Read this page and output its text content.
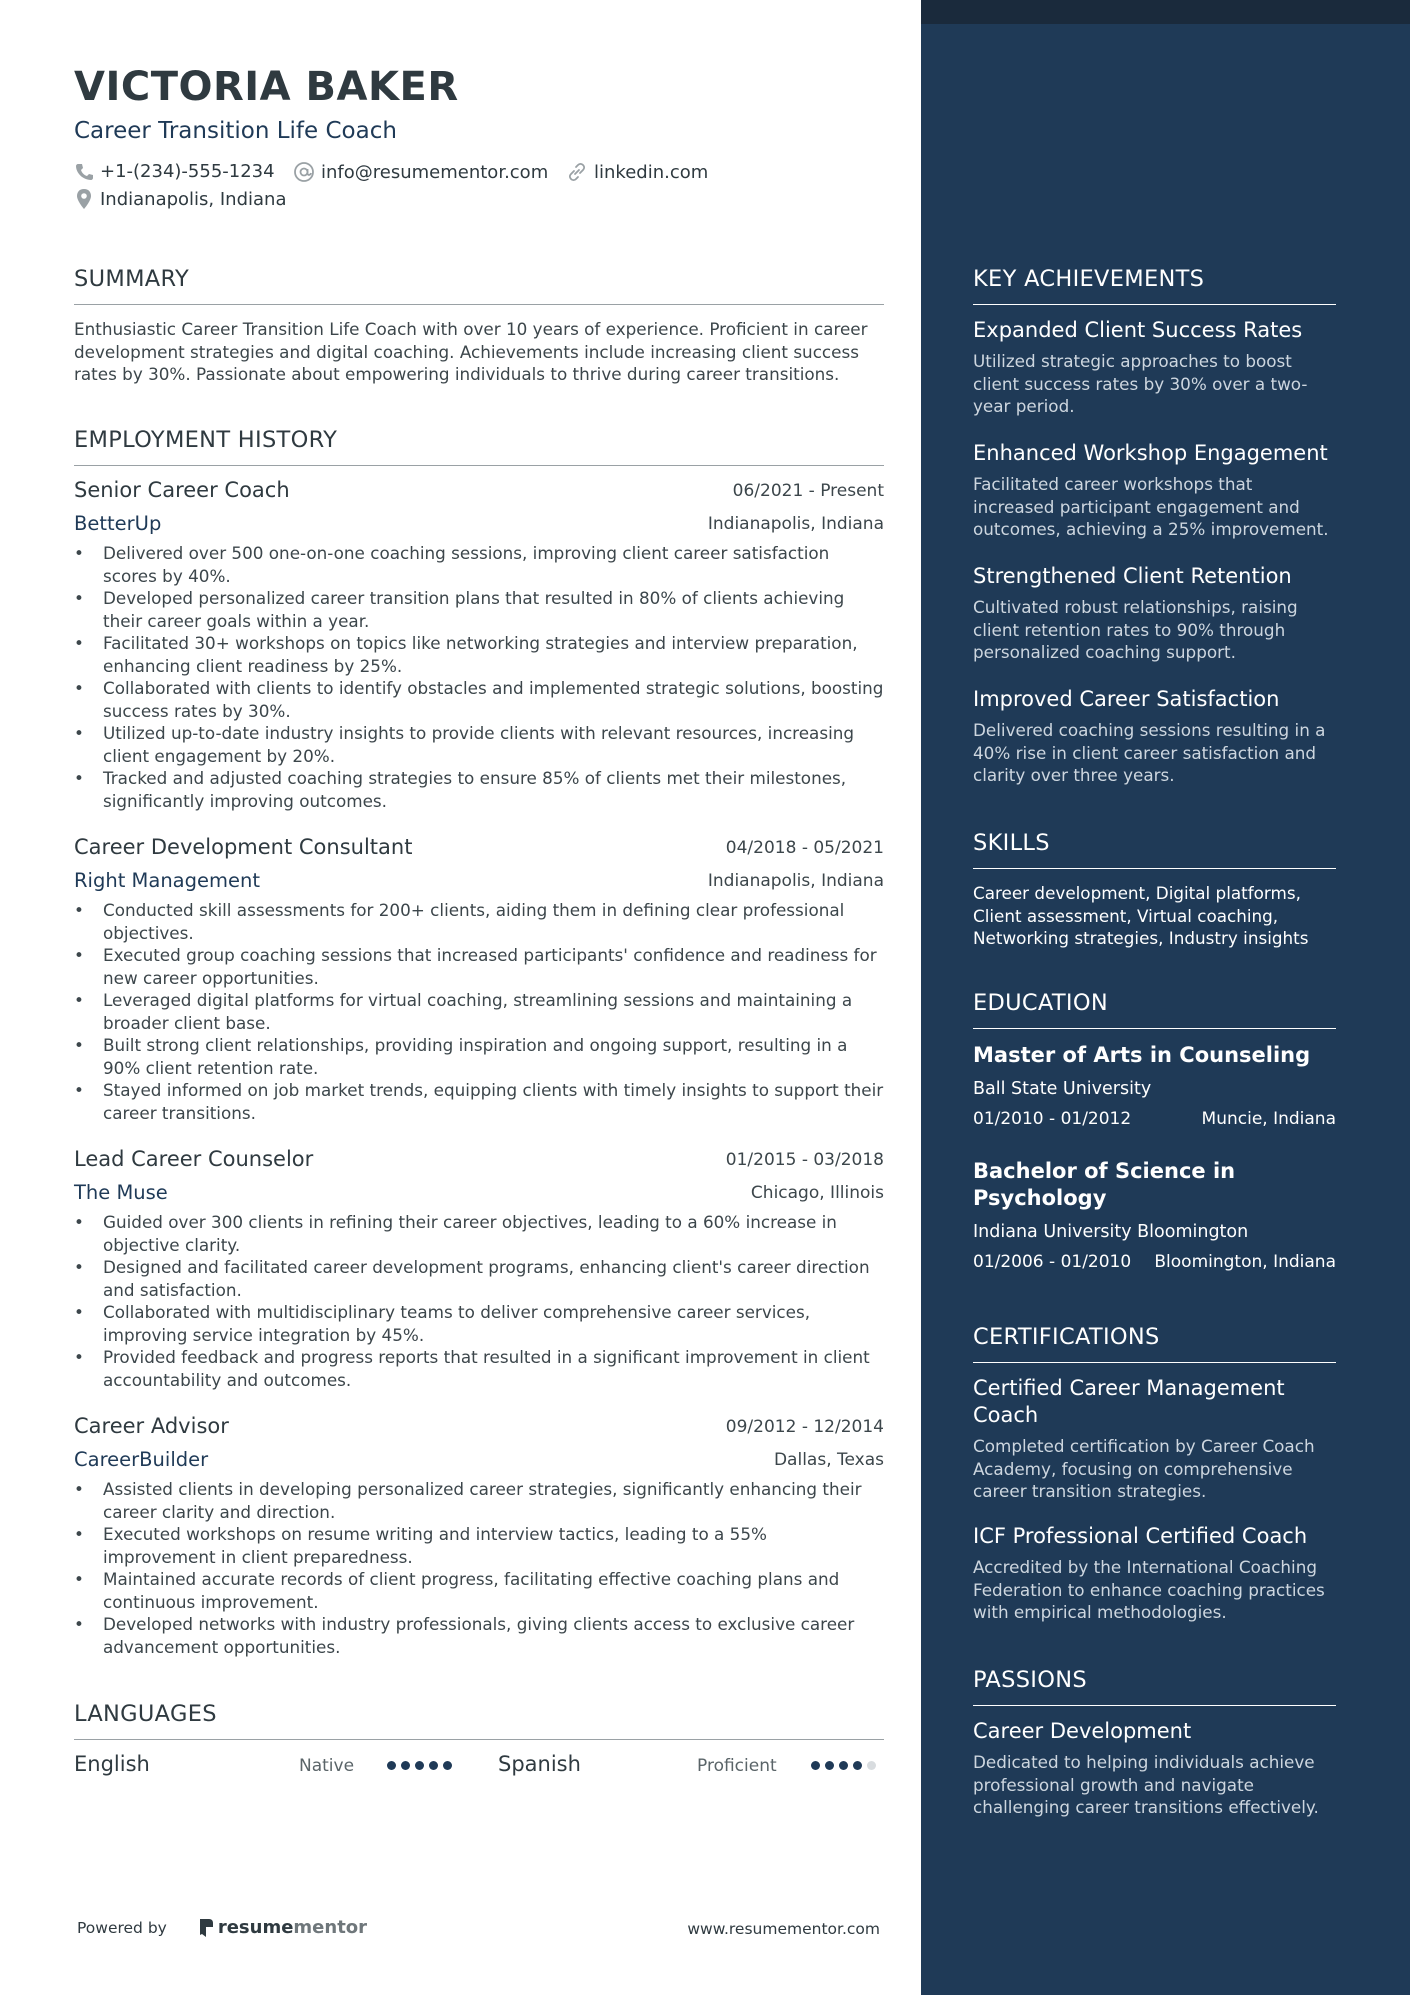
VICTORIA BAKER
Career Transition Life Coach
+1-(234)-555-1234	info@resumementor.com	linkedin.com
Indianapolis, Indiana
SUMMARY
Enthusiastic Career Transition Life Coach with over 10 years of experience. Proficient in career development strategies and digital coaching. Achievements include increasing client success rates by 30%. Passionate about empowering individuals to thrive during career transitions.
EMPLOYMENT HISTORY
Senior Career Coach	06/2021 - Present
BetterUp	Indianapolis, Indiana
• Delivered over 500 one-on-one coaching sessions, improving client career satisfaction scores by 40%.
• Developed personalized career transition plans that resulted in 80% of clients achieving their career goals within a year.
• Facilitated 30+ workshops on topics like networking strategies and interview preparation, enhancing client readiness by 25%.
• Collaborated with clients to identify obstacles and implemented strategic solutions, boosting success rates by 30%.
• Utilized up-to-date industry insights to provide clients with relevant resources, increasing client engagement by 20%.
• Tracked and adjusted coaching strategies to ensure 85% of clients met their milestones, significantly improving outcomes.
Career Development Consultant	04/2018 - 05/2021
Right Management	Indianapolis, Indiana
• Conducted skill assessments for 200+ clients, aiding them in defining clear professional objectives.
• Executed group coaching sessions that increased participants' confidence and readiness for new career opportunities.
• Leveraged digital platforms for virtual coaching, streamlining sessions and maintaining a broader client base.
• Built strong client relationships, providing inspiration and ongoing support, resulting in a 90% client retention rate.
• Stayed informed on job market trends, equipping clients with timely insights to support their career transitions.
Lead Career Counselor	01/2015 - 03/2018
The Muse	Chicago, Illinois
• Guided over 300 clients in refining their career objectives, leading to a 60% increase in objective clarity.
• Designed and facilitated career development programs, enhancing client's career direction and satisfaction.
• Collaborated with multidisciplinary teams to deliver comprehensive career services, improving service integration by 45%.
• Provided feedback and progress reports that resulted in a significant improvement in client accountability and outcomes.
Career Advisor	09/2012 - 12/2014
CareerBuilder	Dallas, Texas
• Assisted clients in developing personalized career strategies, significantly enhancing their career clarity and direction.
• Executed workshops on resume writing and interview tactics, leading to a 55% improvement in client preparedness.
• Maintained accurate records of client progress, facilitating effective coaching plans and continuous improvement.
• Developed networks with industry professionals, giving clients access to exclusive career advancement opportunities.
LANGUAGES
English	Native	Spanish	Proficient
Powered by	resume mentor	www.resumementor.com
KEY ACHIEVEMENTS
Expanded Client Success Rates
Utilized strategic approaches to boost client success rates by 30% over a two-year period.
Enhanced Workshop Engagement
Facilitated career workshops that increased participant engagement and outcomes, achieving a 25% improvement.
Strengthened Client Retention
Cultivated robust relationships, raising client retention rates to 90% through personalized coaching support.
Improved Career Satisfaction
Delivered coaching sessions resulting in a 40% rise in client career satisfaction and clarity over three years.
SKILLS
Career development, Digital platforms, Client assessment, Virtual coaching, Networking strategies, Industry insights
EDUCATION
Master of Arts in Counseling
Ball State University
01/2010 - 01/2012	Muncie, Indiana
Bachelor of Science in Psychology
Indiana University Bloomington
01/2006 - 01/2010 Bloomington, Indiana
CERTIFICATIONS
Certified Career Management Coach
Completed certification by Career Coach Academy, focusing on comprehensive career transition strategies.
ICF Professional Certified Coach
Accredited by the International Coaching Federation to enhance coaching practices with empirical methodologies.
PASSIONS
Career Development
Dedicated to helping individuals achieve professional growth and navigate challenging career transitions effectively.
